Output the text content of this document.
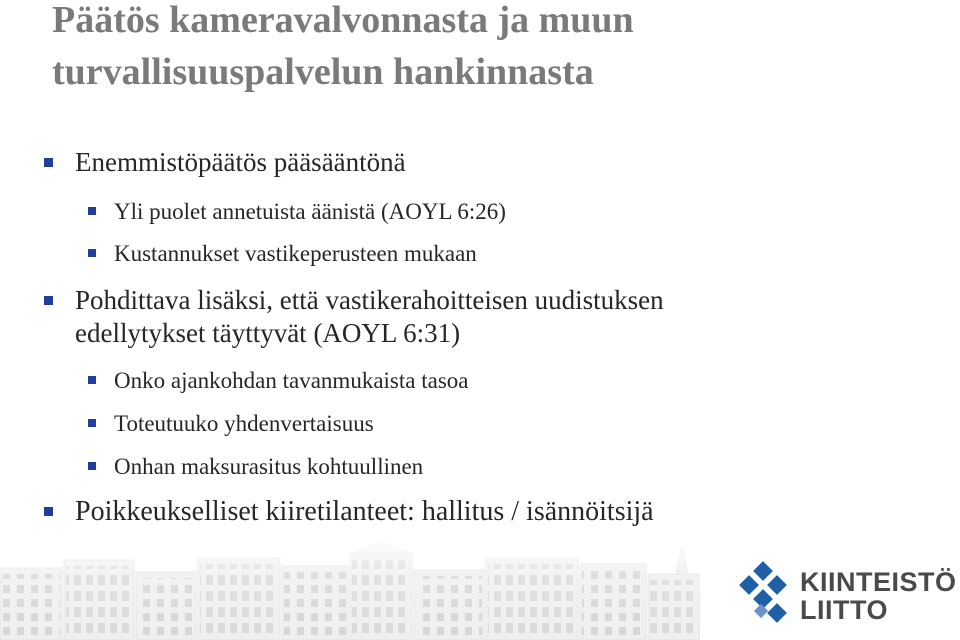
Päätös kameravalvonnasta ja muun turvallisuuspalvelun hankinnasta
Enemmistöpäätös pääsääntönä
Yli puolet annetuista äänistä (AOYL 6:26)
Kustannukset vastikeperusteen mukaan
Pohdittava lisäksi, että vastikerahoitteisen uudistuksen
edellytykset täyttyvät (AOYL 6:31)
Onko ajankohdan tavanmukaista tasoa
Toteutuuko yhdenvertaisuus
Onhan maksurasitus kohtuullinen
Poikkeukselliset kiiretilanteet: hallitus / isännöitsijä
KIINTEISTÖ
LIITTO
